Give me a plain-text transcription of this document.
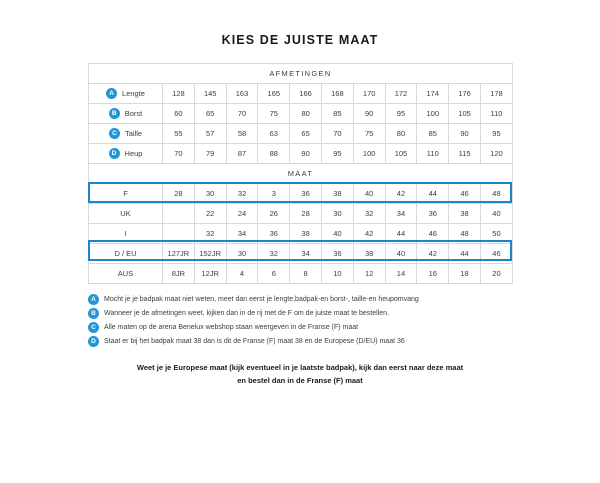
KIES DE JUISTE MAAT
AFMETINGEN											
A Lengte	128	145	163	165	166	168	170	172	174	176	178
B Borst	60	65	70	75	80	85	90	95	100	105	110
C Taille	55	57	58	63	65	70	75	80	85	90	95
D Heup	70	79	87	88	90	95	100	105	110	115	120
MAAT											
F	28	30	32	3	36	38	40	42	44	46	48
UK		22	24	26	28	30	32	34	36	38	40
I		32	34	36	38	40	42	44	46	48	50
D / EU	127JR	152JR	30	32	34	36	38	40	42	44	46
AUS	8JR	12JR	4	6	8	10	12	14	16	18	20
A	Mocht je je badpak maat niet weten, meet dan eerst je lengte,badpak-en borst-, taille-en heupomvang
B	Wanneer je de afmetingen weet, kijken dan in de rij met de F om de juiste maat te bestellen.
C	Alle maten op de arena Benelux webshop staan weergeven in de Franse (F) maat
D	Staat er bij het badpak maat 38 dan is dit de Franse (F) maat 38 en de Europese (D/EU) maat 36
Weet je je Europese maat (kijk eventueel in je laatste badpak), kijk dan eerst naar deze maat
en bestel dan in de Franse (F) maat
